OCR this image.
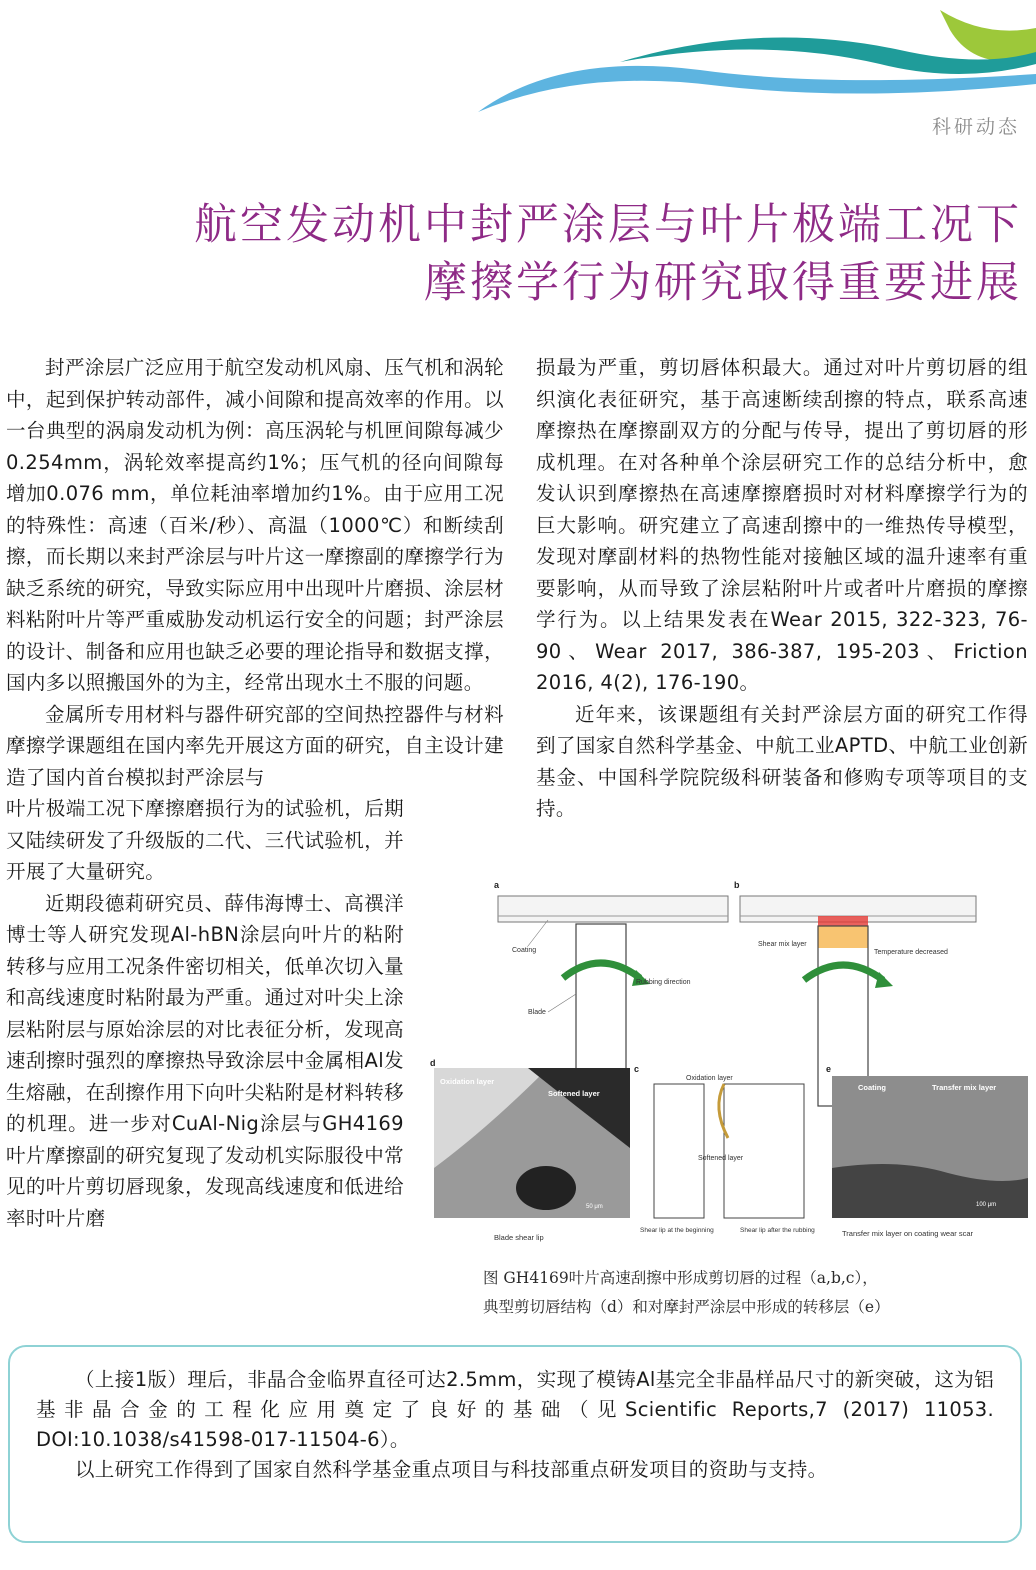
科研动态
航空发动机中封严涂层与叶片极端工况下
摩擦学行为研究取得重要进展

封严涂层广泛应用于航空发动机风扇、压气机和涡轮中，起到保护转动部件，减小间隙和提高效率的作用。以一台典型的涡扇发动机为例：高压涡轮与机匣间隙每减少0.254mm，涡轮效率提高约1%；压气机的径向间隙每增加0.076 mm，单位耗油率增加约1%。由于应用工况的特殊性：高速（百米/秒）、高温（1000℃）和断续刮擦，而长期以来封严涂层与叶片这一摩擦副的摩擦学行为缺乏系统的研究，导致实际应用中出现叶片磨损、涂层材料粘附叶片等严重威胁发动机运行安全的问题；封严涂层的设计、制备和应用也缺乏必要的理论指导和数据支撑，国内多以照搬国外的为主，经常出现水土不服的问题。

金属所专用材料与器件研究部的空间热控器件与材料摩擦学课题组在国内率先开展这方面的研究，自主设计建造了国内首台模拟封严涂层与

叶片极端工况下摩擦磨损行为的试验机，后期又陆续研发了升级版的二代、三代试验机，并开展了大量研究。

近期段德莉研究员、薛伟海博士、高禩洋博士等人研究发现Al-hBN涂层向叶片的粘附转移与应用工况条件密切相关，低单次切入量和高线速度时粘附最为严重。通过对叶尖上涂层粘附层与原始涂层的对比表征分析，发现高速刮擦时强烈的摩擦热导致涂层中金属相Al发生熔融，在刮擦作用下向叶尖粘附是材料转移的机理。进一步对CuAl-Nig涂层与GH4169叶片摩擦副的研究复现了发动机实际服役中常见的叶片剪切唇现象，发现高线速度和低进给率时叶片磨

损最为严重，剪切唇体积最大。通过对叶片剪切唇的组织演化表征研究，基于高速断续刮擦的特点，联系高速摩擦热在摩擦副双方的分配与传导，提出了剪切唇的形成机理。在对各种单个涂层研究工作的总结分析中，愈发认识到摩擦热在高速摩擦磨损时对材料摩擦学行为的巨大影响。研究建立了高速刮擦中的一维热传导模型，发现对摩副材料的热物性能对接触区域的温升速率有重要影响，从而导致了涂层粘附叶片或者叶片磨损的摩擦学行为。以上结果发表在Wear 2015, 322-323, 76-90、Wear 2017, 386-387, 195-203、Friction 2016, 4(2), 176-190。

近年来，该课题组有关封严涂层方面的研究工作得到了国家自然科学基金、中航工业APTD、中航工业创新基金、中国科学院院级科研装备和修购专项等项目的支持。

a
Coating
Rubbing direction
Blade
b
Shear mix layer
Temperature decreased
d
Oxidation layer
Softened layer
50 μm
Blade shear lip
c
Oxidation layer
Softened layer
Shear lip at the beginning	Shear lip after the rubbing
e
Coating	Transfer mix layer
100 μm
Transfer mix layer on coating wear scar
图 GH4169叶片高速刮擦中形成剪切唇的过程（a,b,c），
典型剪切唇结构（d）和对摩封严涂层中形成的转移层（e）

（上接1版）理后，非晶合金临界直径可达2.5mm，实现了模铸Al基完全非晶样品尺寸的新突破，这为铝基非晶合金的工程化应用奠定了良好的基础（见Scientific Reports,7 (2017) 11053. DOI:10.1038/s41598-017-11504-6）。

以上研究工作得到了国家自然科学基金重点项目与科技部重点研发项目的资助与支持。
